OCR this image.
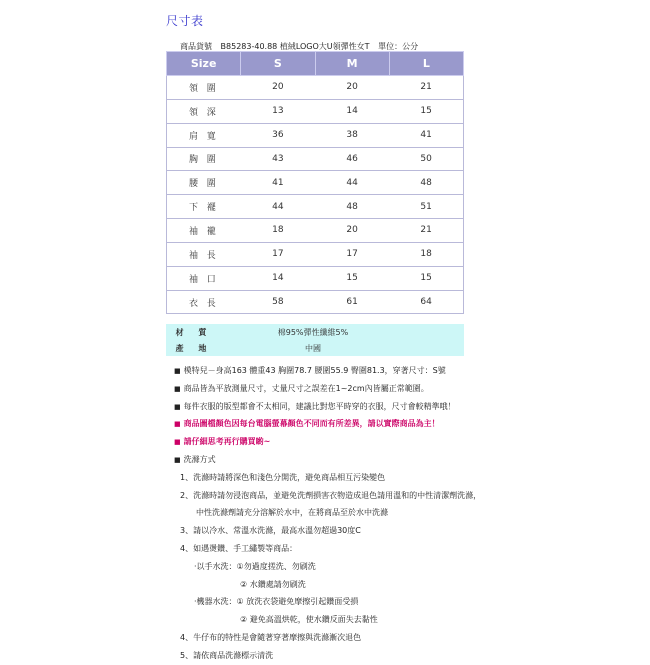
尺寸表
商品貨號 B85283-40.88 植絨LOGO大U領彈性女T 單位：公分
Size	S	M	L
領 圍	20	20	21
領 深	13	14	15
肩 寬	36	38	41
胸 圍	43	46	50
腰 圍	41	44	48
下 襬	44	48	51
袖 襱	18	20	21
袖 長	17	17	18
袖 口	14	15	15
衣 長	58	61	64
材 質	棉95%彈性纖維5%
產 地	中國
■ 模特兒－身高163 體重43 胸圍78.7 腰圍55.9 臀圍81.3，穿著尺寸：S號
■ 商品皆為平放測量尺寸，丈量尺寸之誤差在1~2cm內皆屬正常範圍。
■ 每件衣服的版型都會不太相同，建議比對您平時穿的衣服，尺寸會較精準哦！
■ 商品圖檔顏色因每台電腦螢幕顏色不同而有所差異，請以實際商品為主！
■ 請仔細思考再行購買喲~
■ 洗滌方式
1、洗滌時請將深色和淺色分開洗，避免商品相互污染變色
2、洗滌時請勿浸泡商品，並避免洗劑損害衣物造成退色請用溫和的中性清潔劑洗滌，
中性洗滌劑請充分溶解於水中，在將商品至於水中洗滌
3、請以冷水、常溫水洗滌，最高水溫勿超過30度C
4、如遇燙鑽、手工繡製等商品：
‧以手水洗：①勿過度搓洗、勿刷洗
② 水鑽處請勿刷洗
‧機器水洗：① 放洗衣袋避免摩擦引起鑽面受損
② 避免高溫烘乾，使水鑽反面失去黏性
4、牛仔布的特性是會隨著穿著摩擦與洗滌漸次退色
5、請依商品洗滌標示清洗
